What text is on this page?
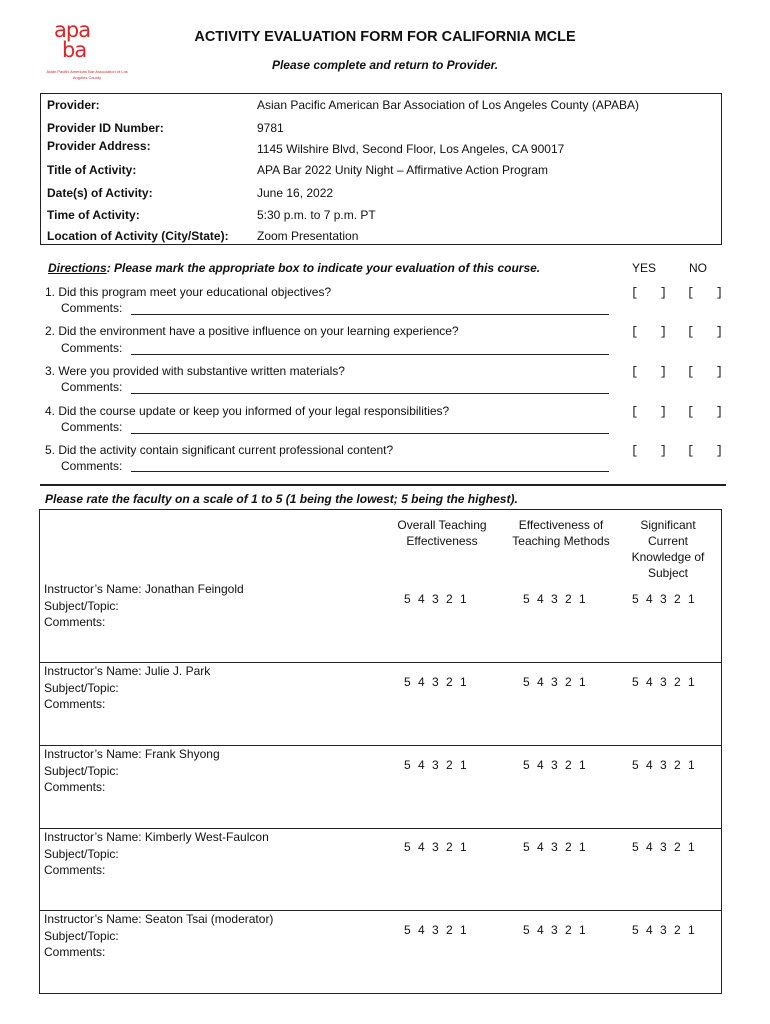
apa
ba
Asian Pacific American Bar Association of Los Angeles County
ACTIVITY EVALUATION FORM FOR CALIFORNIA MCLE
Please complete and return to Provider.
Provider:	Asian Pacific American Bar Association of Los Angeles County (APABA)
Provider ID Number:	9781
Provider Address:	1145 Wilshire Blvd, Second Floor, Los Angeles, CA 90017
Title of Activity:	APA Bar 2022 Unity Night – Affirmative Action Program
Date(s) of Activity:	June 16, 2022
Time of Activity:	5:30 p.m. to 7 p.m. PT
Location of Activity (City/State): Zoom Presentation
Directions: Please mark the appropriate box to indicate your evaluation of this course.	YES	NO
1. Did this program meet your educational objectives?
Comments:
[   ] [   ]
2. Did the environment have a positive influence on your learning experience?
Comments:
[   ] [   ]
3. Were you provided with substantive written materials?
Comments:
[   ] [   ]
4. Did the course update or keep you informed of your legal responsibilities?
Comments:
[   ] [   ]
5. Did the activity contain significant current professional content?
Comments:
[   ] [   ]
Please rate the faculty on a scale of 1 to 5 (1 being the lowest; 5 being the highest).
Overall Teaching Effectiveness
Effectiveness of Teaching Methods
Significant Current Knowledge of Subject
Instructor’s Name: Jonathan Feingold
Subject/Topic:
Comments:
5 4 3 2 1	5 4 3 2 1	5 4 3 2 1
Instructor’s Name: Julie J. Park
Subject/Topic:
Comments:
5 4 3 2 1	5 4 3 2 1	5 4 3 2 1
Instructor’s Name: Frank Shyong
Subject/Topic:
Comments:
5 4 3 2 1	5 4 3 2 1	5 4 3 2 1
Instructor’s Name: Kimberly West-Faulcon
Subject/Topic:
Comments:
5 4 3 2 1	5 4 3 2 1	5 4 3 2 1
Instructor’s Name: Seaton Tsai (moderator)
Subject/Topic:
Comments:
5 4 3 2 1	5 4 3 2 1	5 4 3 2 1
